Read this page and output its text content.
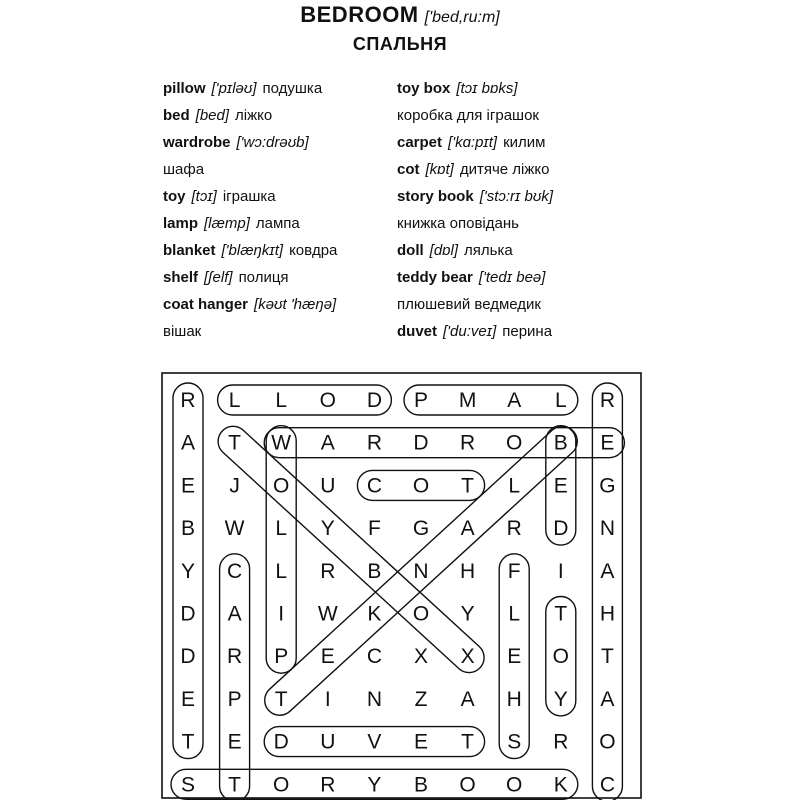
BEDROOM ['bed,ru:m]
СПАЛЬНЯ
pillow ['pɪləʊ] подушка
bed [bed] ліжко
wardrobe ['wɔ:drəʊb]
шафа
toy [tɔɪ] іграшка
lamp [læmp] лампа
blanket ['blæŋkɪt] ковдра
shelf [ʃelf] полиця
coat hanger [kəʊt 'hæŋə]
вішак
toy box [tɔɪ bɒks]
коробка для іграшок
carpet ['kɑ:pɪt] килим
cot [kɒt] дитяче ліжко
story book ['stɔ:rɪ bʊk]
книжка оповідань
doll [dɒl] лялька
teddy bear ['tedɪ beə]
плюшевий ведмедик
duvet ['du:veɪ] перина
R L L O D P M A L R
A T W A R D R O B E
E J O U C O T L E G
B W L Y F G A R D N
Y C L R B N H F I A
D A I W K O Y L T H
D R P E C X X E O T
E P T I N Z A H Y A
T E D U V E T S R O
S T O R Y B O O K C
